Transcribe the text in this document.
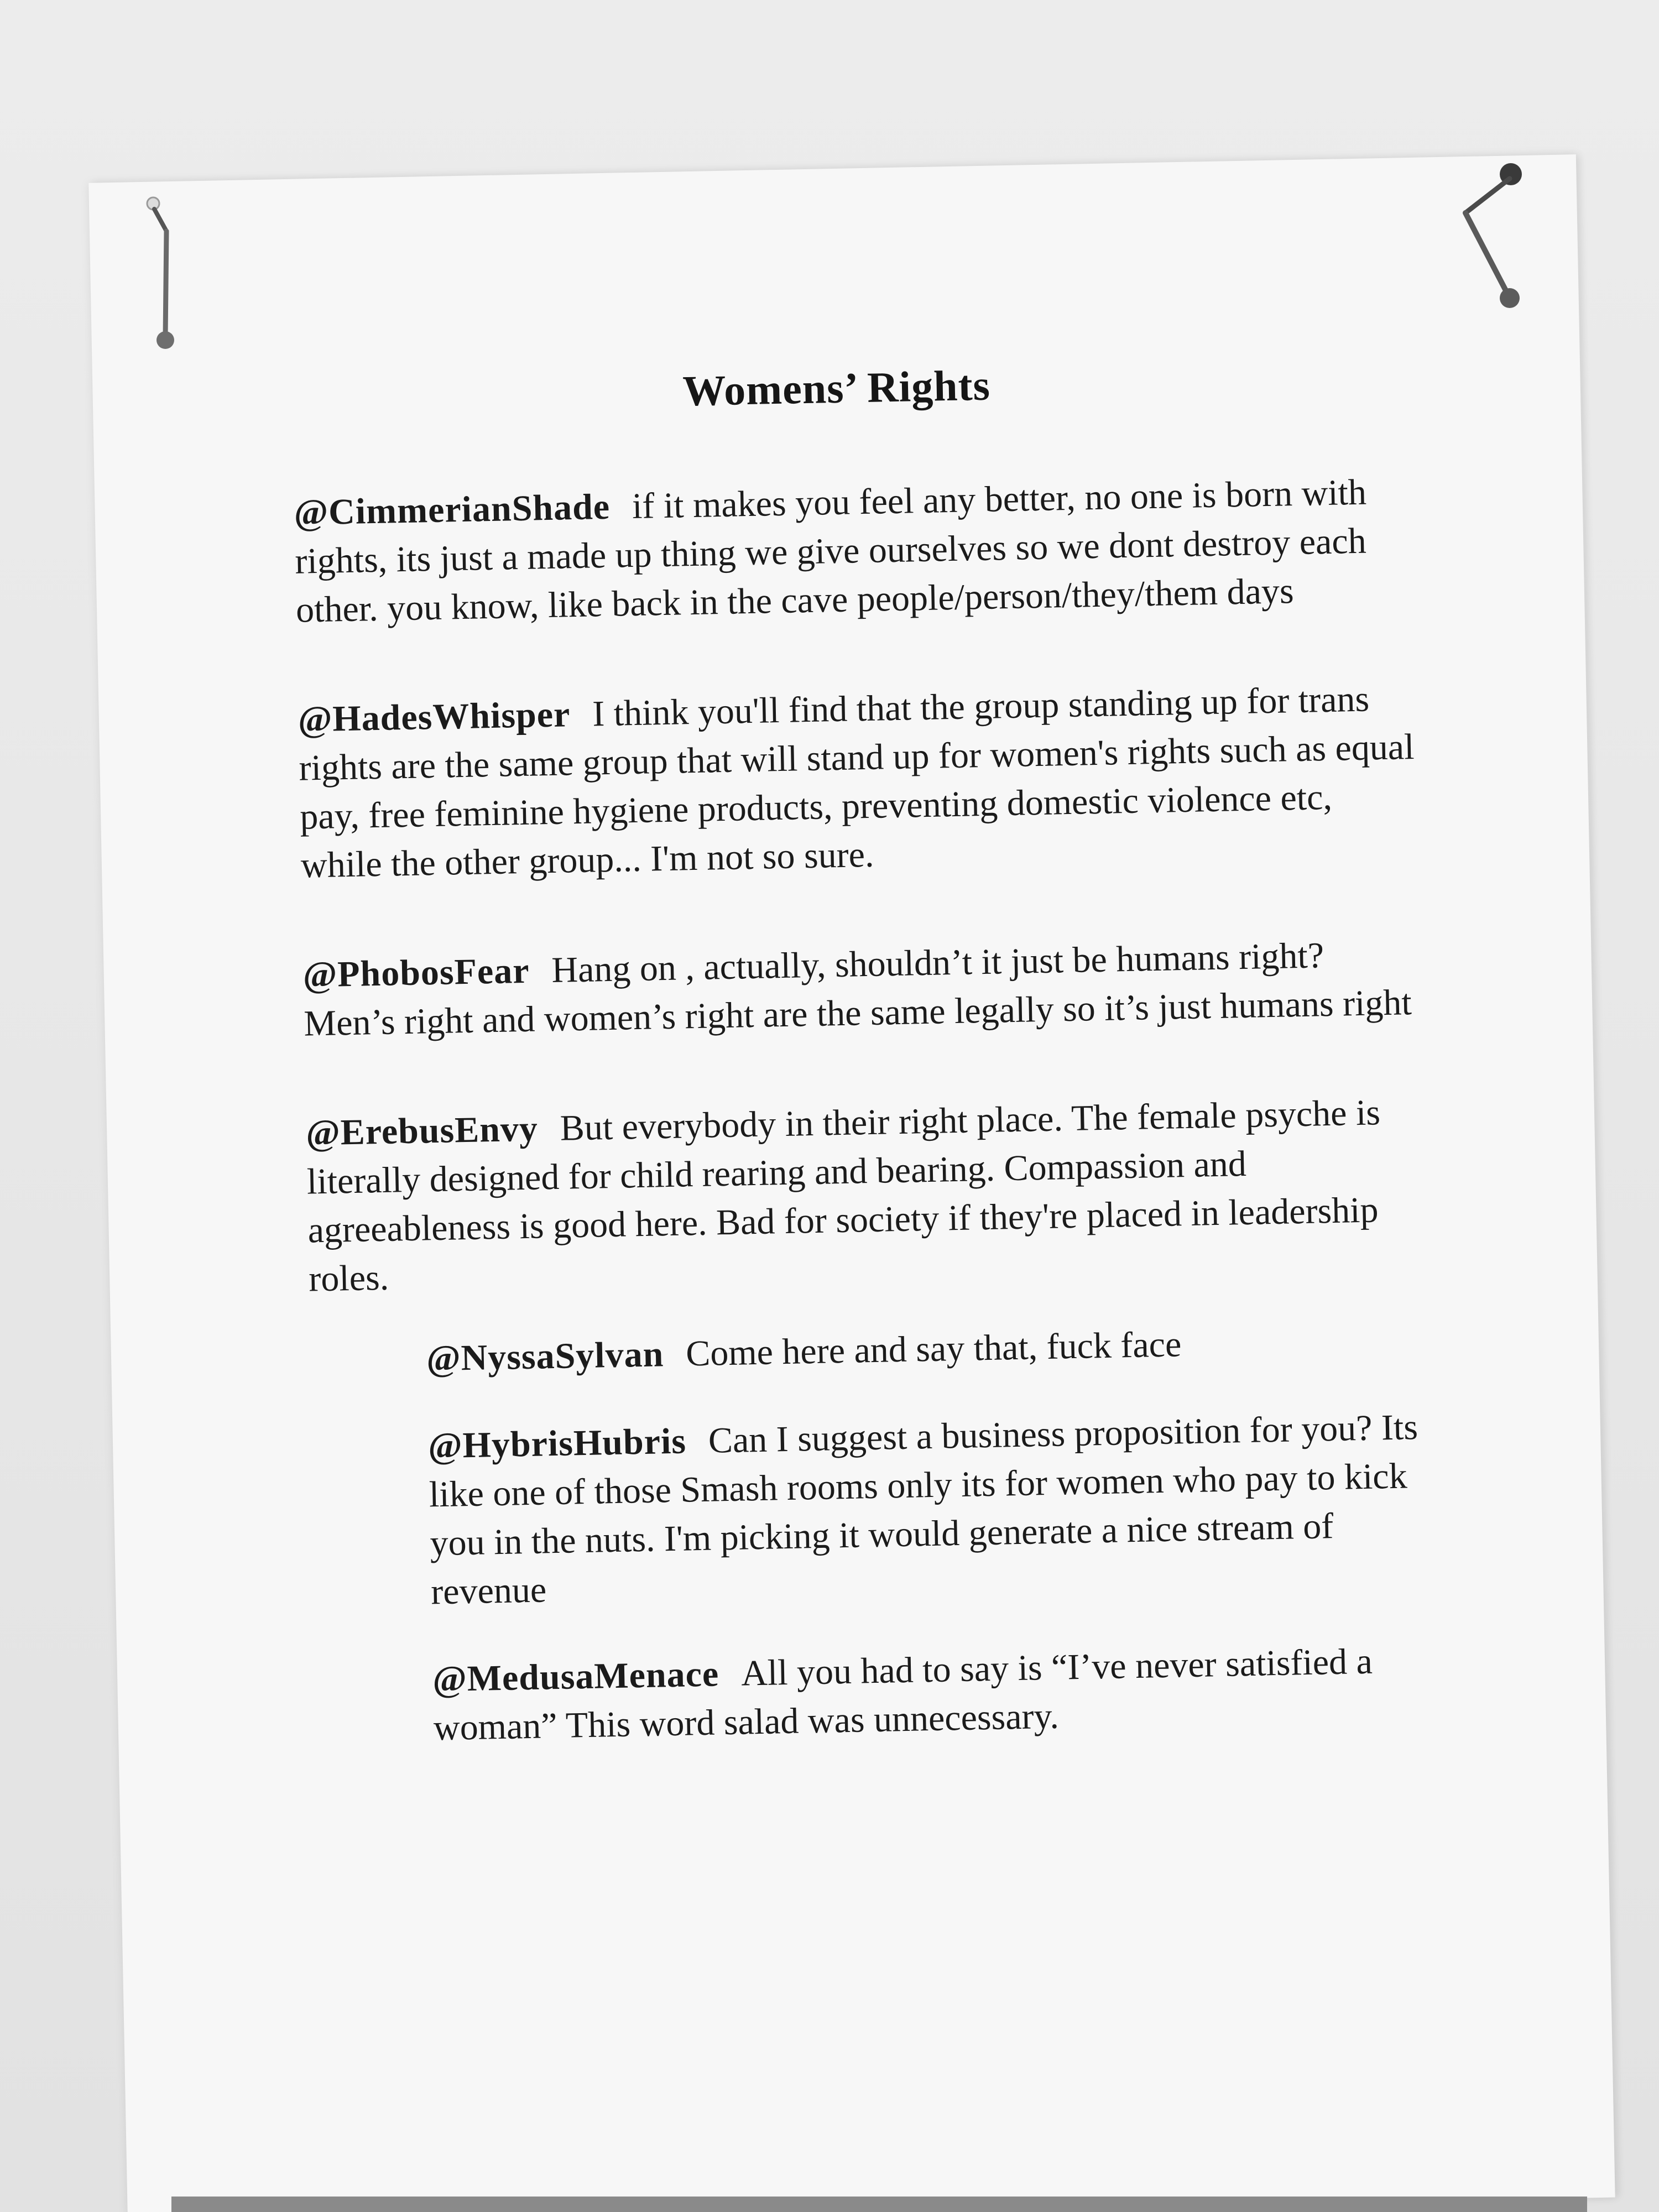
Womens’ Rights

@CimmerianShade if it makes you feel any better, no one is born with rights, its just a made up thing we give ourselves so we dont destroy each other. you know, like back in the cave people/person/they/them days

@HadesWhisper I think you'll find that the group standing up for trans rights are the same group that will stand up for women's rights such as equal pay, free feminine hygiene products, preventing domestic violence etc, while the other group... I'm not so sure.

@PhobosFear Hang on , actually, shouldn’t it just be humans right? Men’s right and women’s right are the same legally so it’s just humans right

@ErebusEnvy But everybody in their right place. The female psyche is literally designed for child rearing and bearing. Compassion and agreeableness is good here. Bad for society if they're placed in leadership roles.

@NyssaSylvan Come here and say that, fuck face

@HybrisHubris Can I suggest a business proposition for you? Its like one of those Smash rooms only its for women who pay to kick you in the nuts. I'm picking it would generate a nice stream of revenue

@MedusaMenace All you had to say is “I’ve never satisfied a woman” This word salad was unnecessary.
